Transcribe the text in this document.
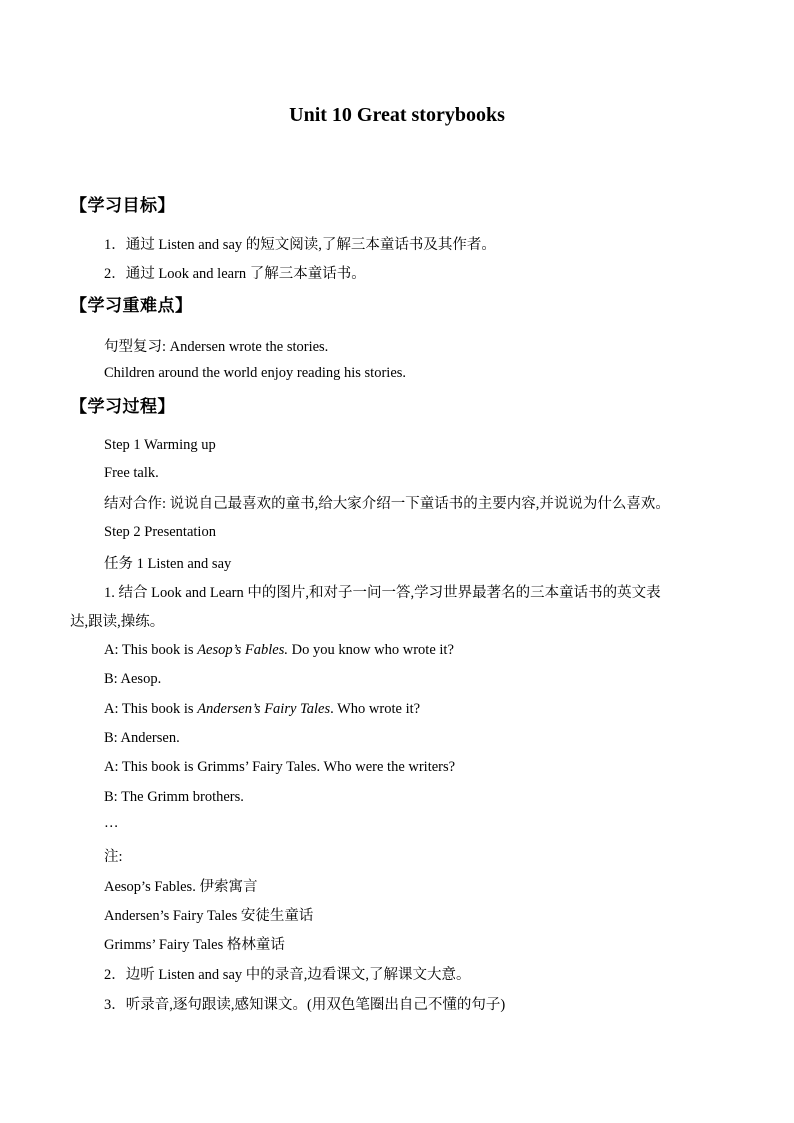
Unit 10 Great storybooks
【学习目标】
1．通过 Listen and say 的短文阅读,了解三本童话书及其作者。
2．通过 Look and learn 了解三本童话书。
【学习重难点】
句型复习: Andersen wrote the stories.
Children around the world enjoy reading his stories.
【学习过程】
Step 1 Warming up
Free talk.
结对合作: 说说自己最喜欢的童书,给大家介绍一下童话书的主要内容,并说说为什么喜欢。
Step 2 Presentation
任务 1 Listen and say
1. 结合 Look and Learn 中的图片,和对子一问一答,学习世界最著名的三本童话书的英文表
达,跟读,操练。
A: This book is Aesop’s Fables. Do you know who wrote it?
B: Aesop.
A: This book is Andersen’s Fairy Tales. Who wrote it?
B: Andersen.
A: This book is Grimms’ Fairy Tales. Who were the writers?
B: The Grimm brothers.
…
注:
Aesop’s Fables. 伊索寓言
Andersen’s Fairy Tales 安徒生童话
Grimms’ Fairy Tales 格林童话
2．边听 Listen and say 中的录音,边看课文,了解课文大意。
3．听录音,逐句跟读,感知课文。(用双色笔圈出自己不懂的句子)
